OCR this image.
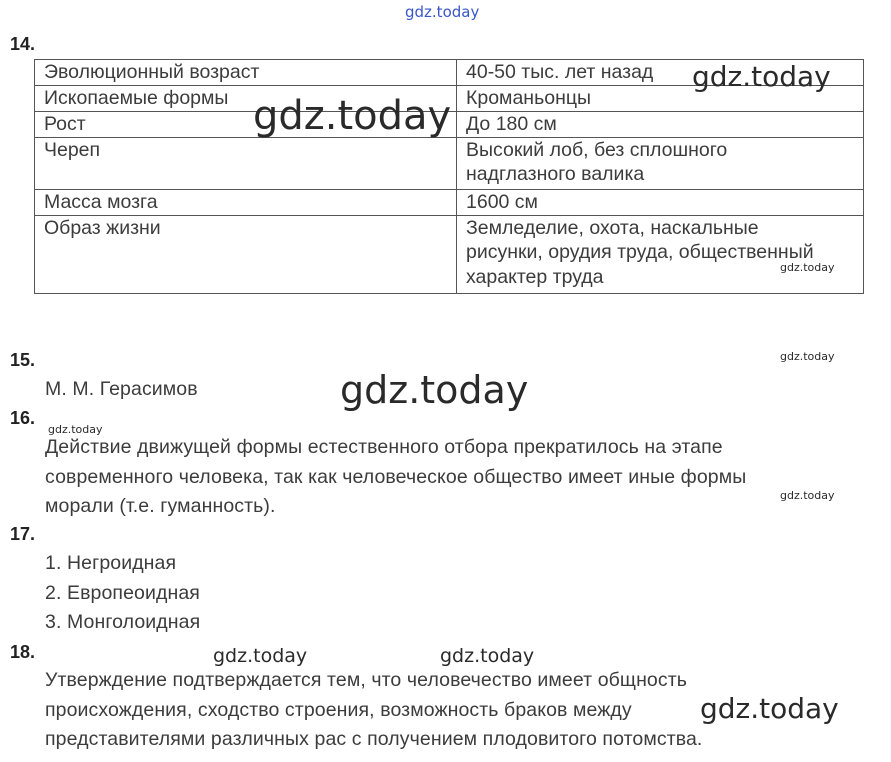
gdz.today
14.
Эволюционный возраст	40-50 тыс. лет назад

Ископаемые формы	Кроманьонцы

Рост	До 180 см

Череп	Высокий лоб, без сплошного
надглазного валика

Масса мозга	1600 см

Образ жизни	Земледелие, охота, наскальные
рисунки, орудия труда, общественный
характер труда
gdz.today
gdz.today
gdz.today
15.
М. М. Герасимов
gdz.today
gdz.today
16.
gdz.today
Действие движущей формы естественного отбора прекратилось на этапе
современного человека, так как человеческое общество имеет иные формы
морали (т.е. гуманность).	gdz.today
17.
1. Негроидная
2. Европеоидная
3. Монголоидная
18.	gdz.today	gdz.today
Утверждение подтверждается тем, что человечество имеет общность
происхождения, сходство строения, возможность браков между
представителями различных рас с получением плодовитого потомства.
gdz.today
